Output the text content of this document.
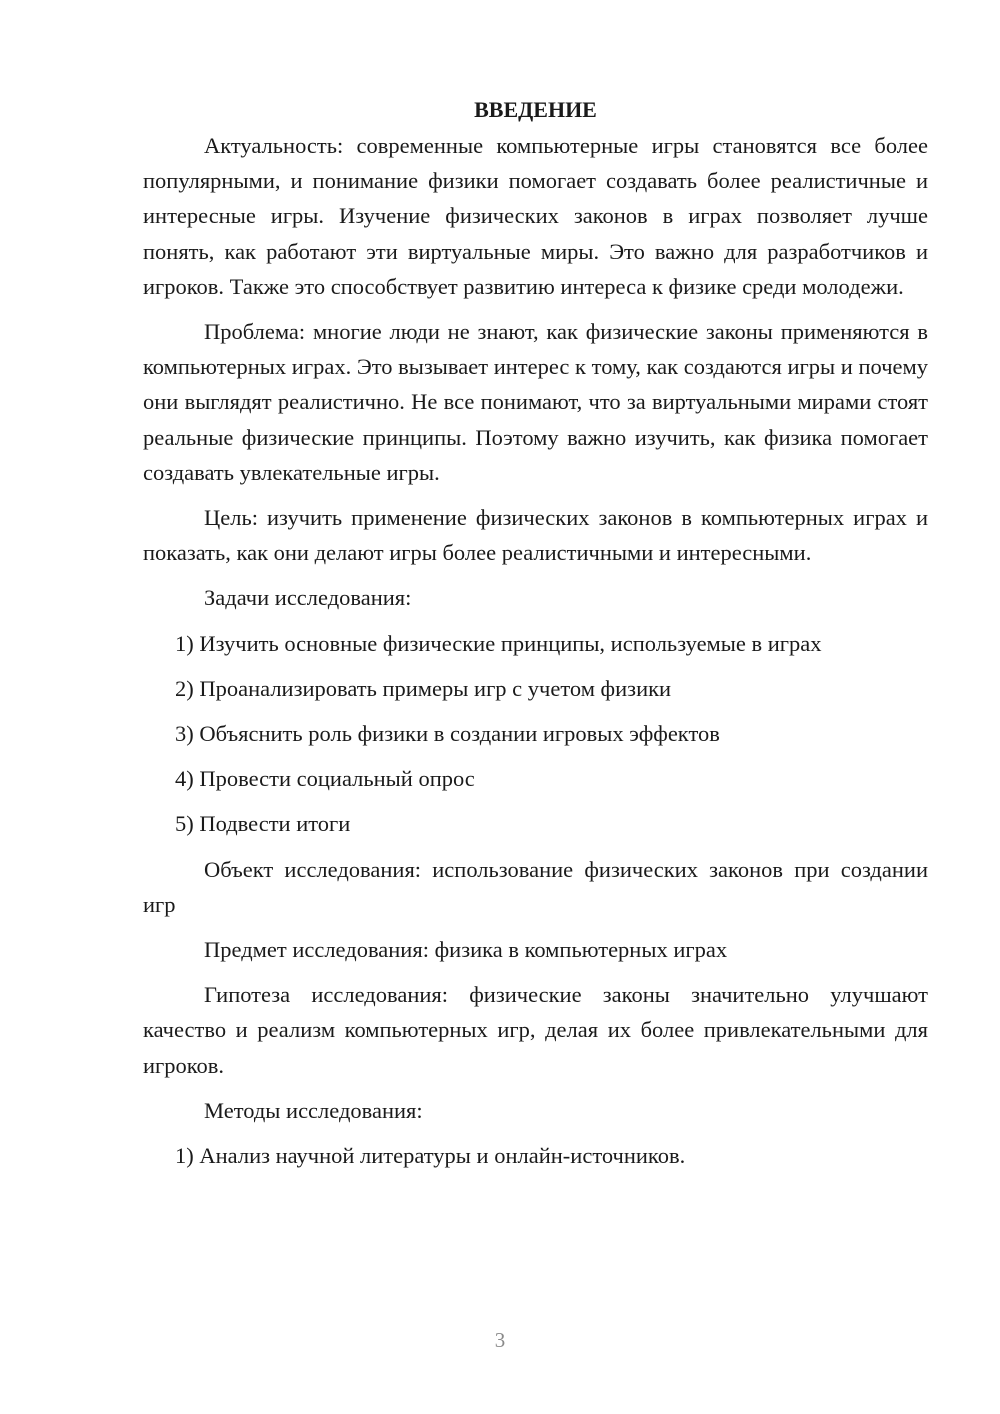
ВВЕДЕНИЕ

Актуальность: современные компьютерные игры становятся все более популярными, и понимание физики помогает создавать более реалистичные и интересные игры. Изучение физических законов в играх позволяет лучше понять, как работают эти виртуальные миры. Это важно для разработчиков и игроков. Также это способствует развитию интереса к физике среди молодежи.

Проблема: многие люди не знают, как физические законы применяются в компьютерных играх. Это вызывает интерес к тому, как создаются игры и почему они выглядят реалистично. Не все понимают, что за виртуальными мирами стоят реальные физические принципы. Поэтому важно изучить, как физика помогает создавать увлекательные игры.

Цель: изучить применение физических законов в компьютерных играх и показать, как они делают игры более реалистичными и интересными.

Задачи исследования:
1) Изучить основные физические принципы, используемые в играх
2) Проанализировать примеры игр с учетом физики
3) Объяснить роль физики в создании игровых эффектов
4) Провести социальный опрос
5) Подвести итоги

Объект исследования: использование физических законов при создании игр

Предмет исследования: физика в компьютерных играх

Гипотеза исследования: физические законы значительно улучшают качество и реализм компьютерных игр, делая их более привлекательными для игроков.

Методы исследования:
1) Анализ научной литературы и онлайн-источников.
3
